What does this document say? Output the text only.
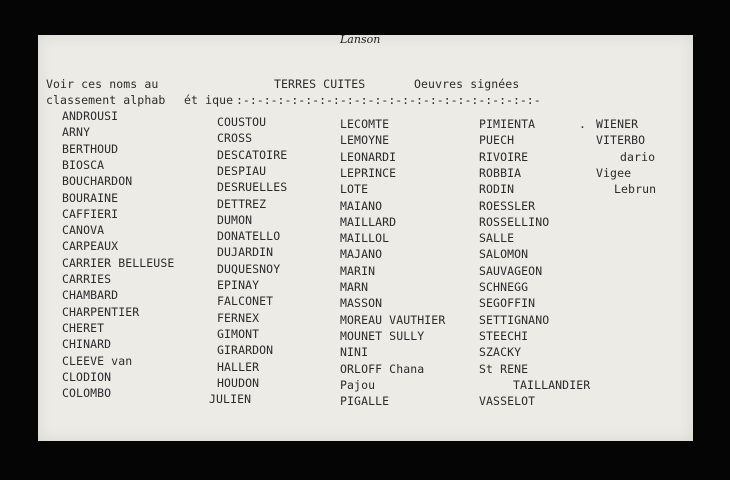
Voir ces noms au
classement alphab ét ique :-:-:-:-:-:-:-:-:-:-:-:-:-:-:-:-:-:-:-:-:-:-
TERRES CUITES	Oeuvres signées
Lanson
.
ANDROUSI
ARNY
BERTHOUD
BIOSCA
BOUCHARDON
BOURAINE
CAFFIERI
CANOVA
CARPEAUX
CARRIER BELLEUSE
CARRIES
CHAMBARD
CHARPENTIER
CHERET
CHINARD
CLEEVE van
CLODION
COLOMBO
COUSTOU
CROSS
DESCATOIRE
DESPIAU
DESRUELLES
DETTREZ
DUMON
DONATELLO
DUJARDIN
DUQUESNOY
EPINAY
FALCONET
FERNEX
GIMONT
GIRARDON
HALLER
HOUDON
JULIEN
LECOMTE
LEMOYNE
LEONARDI
LEPRINCE
LOTE
MAIANO
MAILLARD
MAILLOL
MAJANO
MARIN
MARN
MASSON
MOREAU VAUTHIER
MOUNET SULLY
NINI
ORLOFF Chana
Pajou
PIGALLE
PIMIENTA
PUECH
RIVOIRE
ROBBIA
RODIN
ROESSLER
ROSSELLINO
SALLE
SALOMON
SAUVAGEON
SCHNEGG
SEGOFFIN
SETTIGNANO
STEECHI
SZACKY
St RENE
TAILLANDIER
VASSELOT
WIENER
VITERBO
dario
Vigee
Lebrun
